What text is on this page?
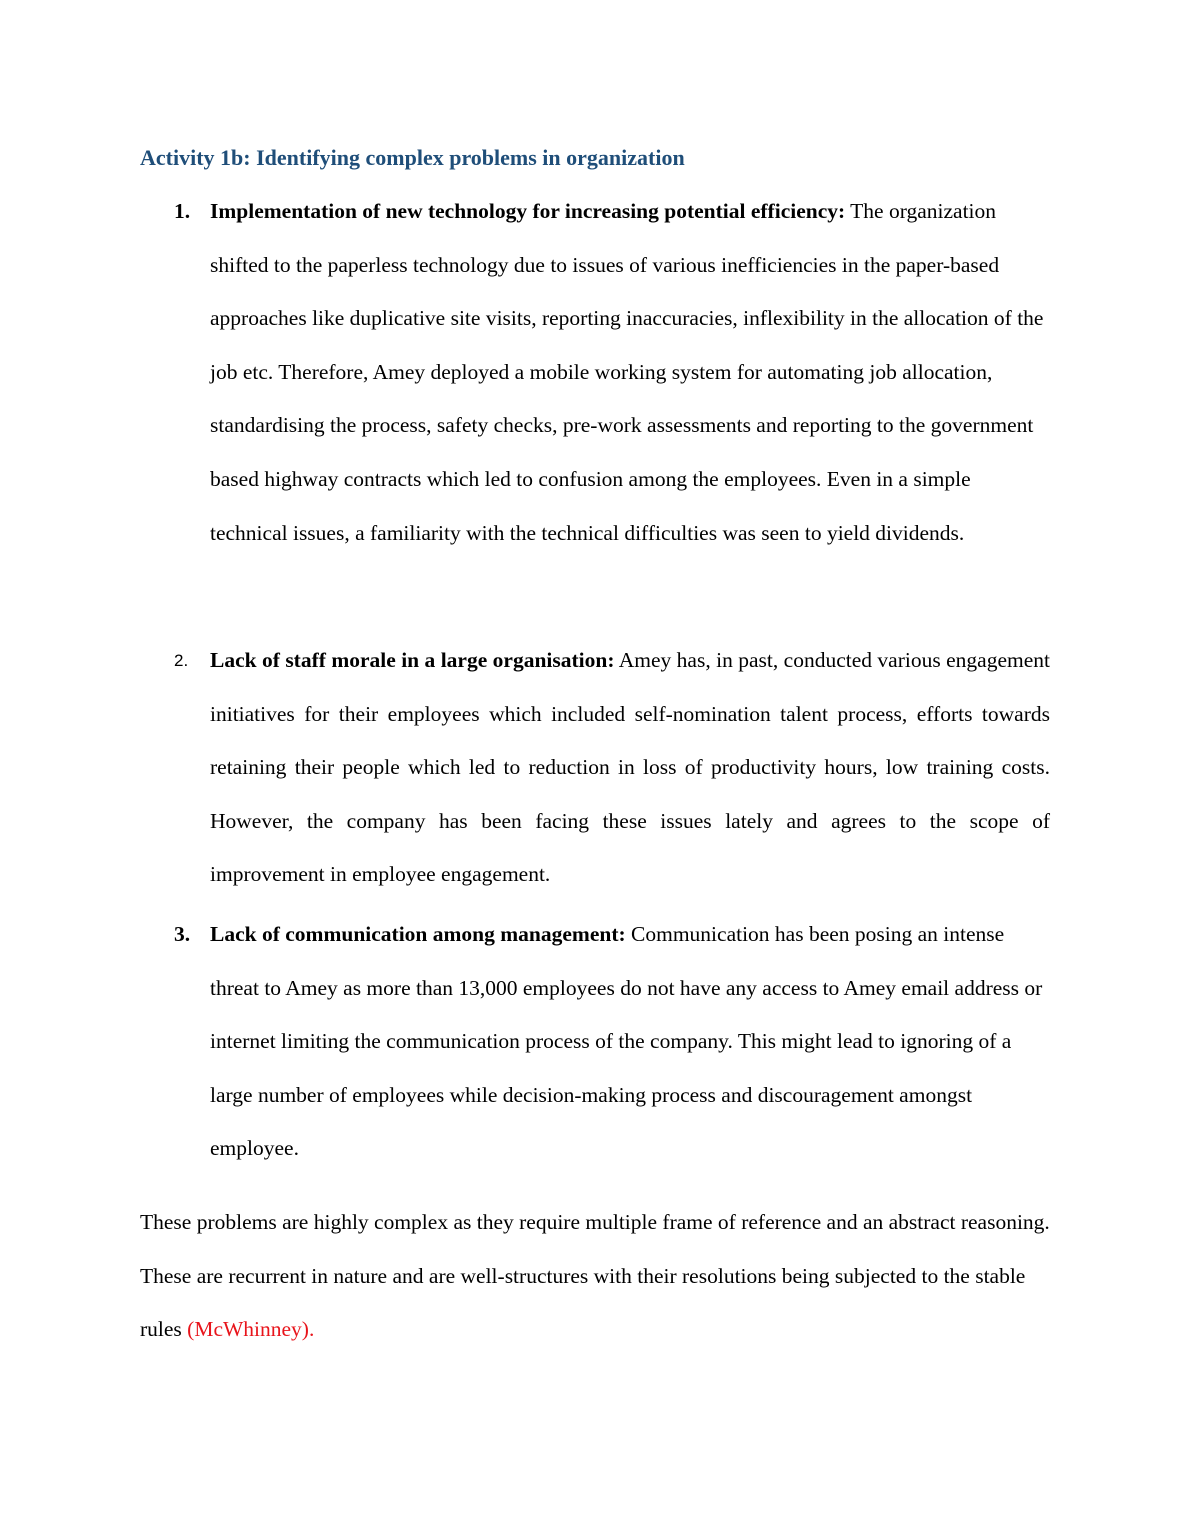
Activity 1b: Identifying complex problems in organization
1. Implementation of new technology for increasing potential efficiency: The organization shifted to the paperless technology due to issues of various inefficiencies in the paper-based approaches like duplicative site visits, reporting inaccuracies, inflexibility in the allocation of the job etc. Therefore, Amey deployed a mobile working system for automating job allocation, standardising the process, safety checks, pre-work assessments and reporting to the government based highway contracts which led to confusion among the employees. Even in a simple technical issues, a familiarity with the technical difficulties was seen to yield dividends.
2. Lack of staff morale in a large organisation: Amey has, in past, conducted various engagement initiatives for their employees which included self-nomination talent process, efforts towards retaining their people which led to reduction in loss of productivity hours, low training costs. However, the company has been facing these issues lately and agrees to the scope of improvement in employee engagement.
3. Lack of communication among management: Communication has been posing an intense threat to Amey as more than 13,000 employees do not have any access to Amey email address or internet limiting the communication process of the company. This might lead to ignoring of a large number of employees while decision-making process and discouragement amongst employee.
These problems are highly complex as they require multiple frame of reference and an abstract reasoning. These are recurrent in nature and are well-structures with their resolutions being subjected to the stable rules (McWhinney).
